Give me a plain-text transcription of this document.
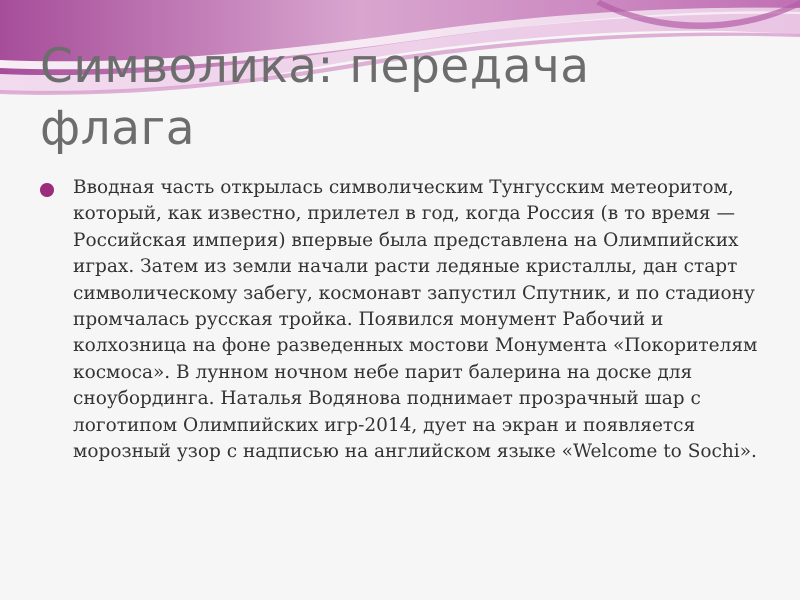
Символика: передача флага

Вводная часть открылась символическим Тунгусским метеоритом, который, как известно, прилетел в год, когда Россия (в то время — Российская империя) впервые была представлена на Олимпийских играх. Затем из земли начали расти ледяные кристаллы, дан старт символическому забегу, космонавт запустил Спутник, и по стадиону промчалась русская тройка. Появился монумент Рабочий и колхозница на фоне разведенных мостови Монумента «Покорителям космоса». В лунном ночном небе парит балерина на доске для сноубординга. Наталья Водянова поднимает прозрачный шар с логотипом Олимпийских игр-2014, дует на экран и появляется морозный узор с надписью на английском языке «Welcome to Sochi».
